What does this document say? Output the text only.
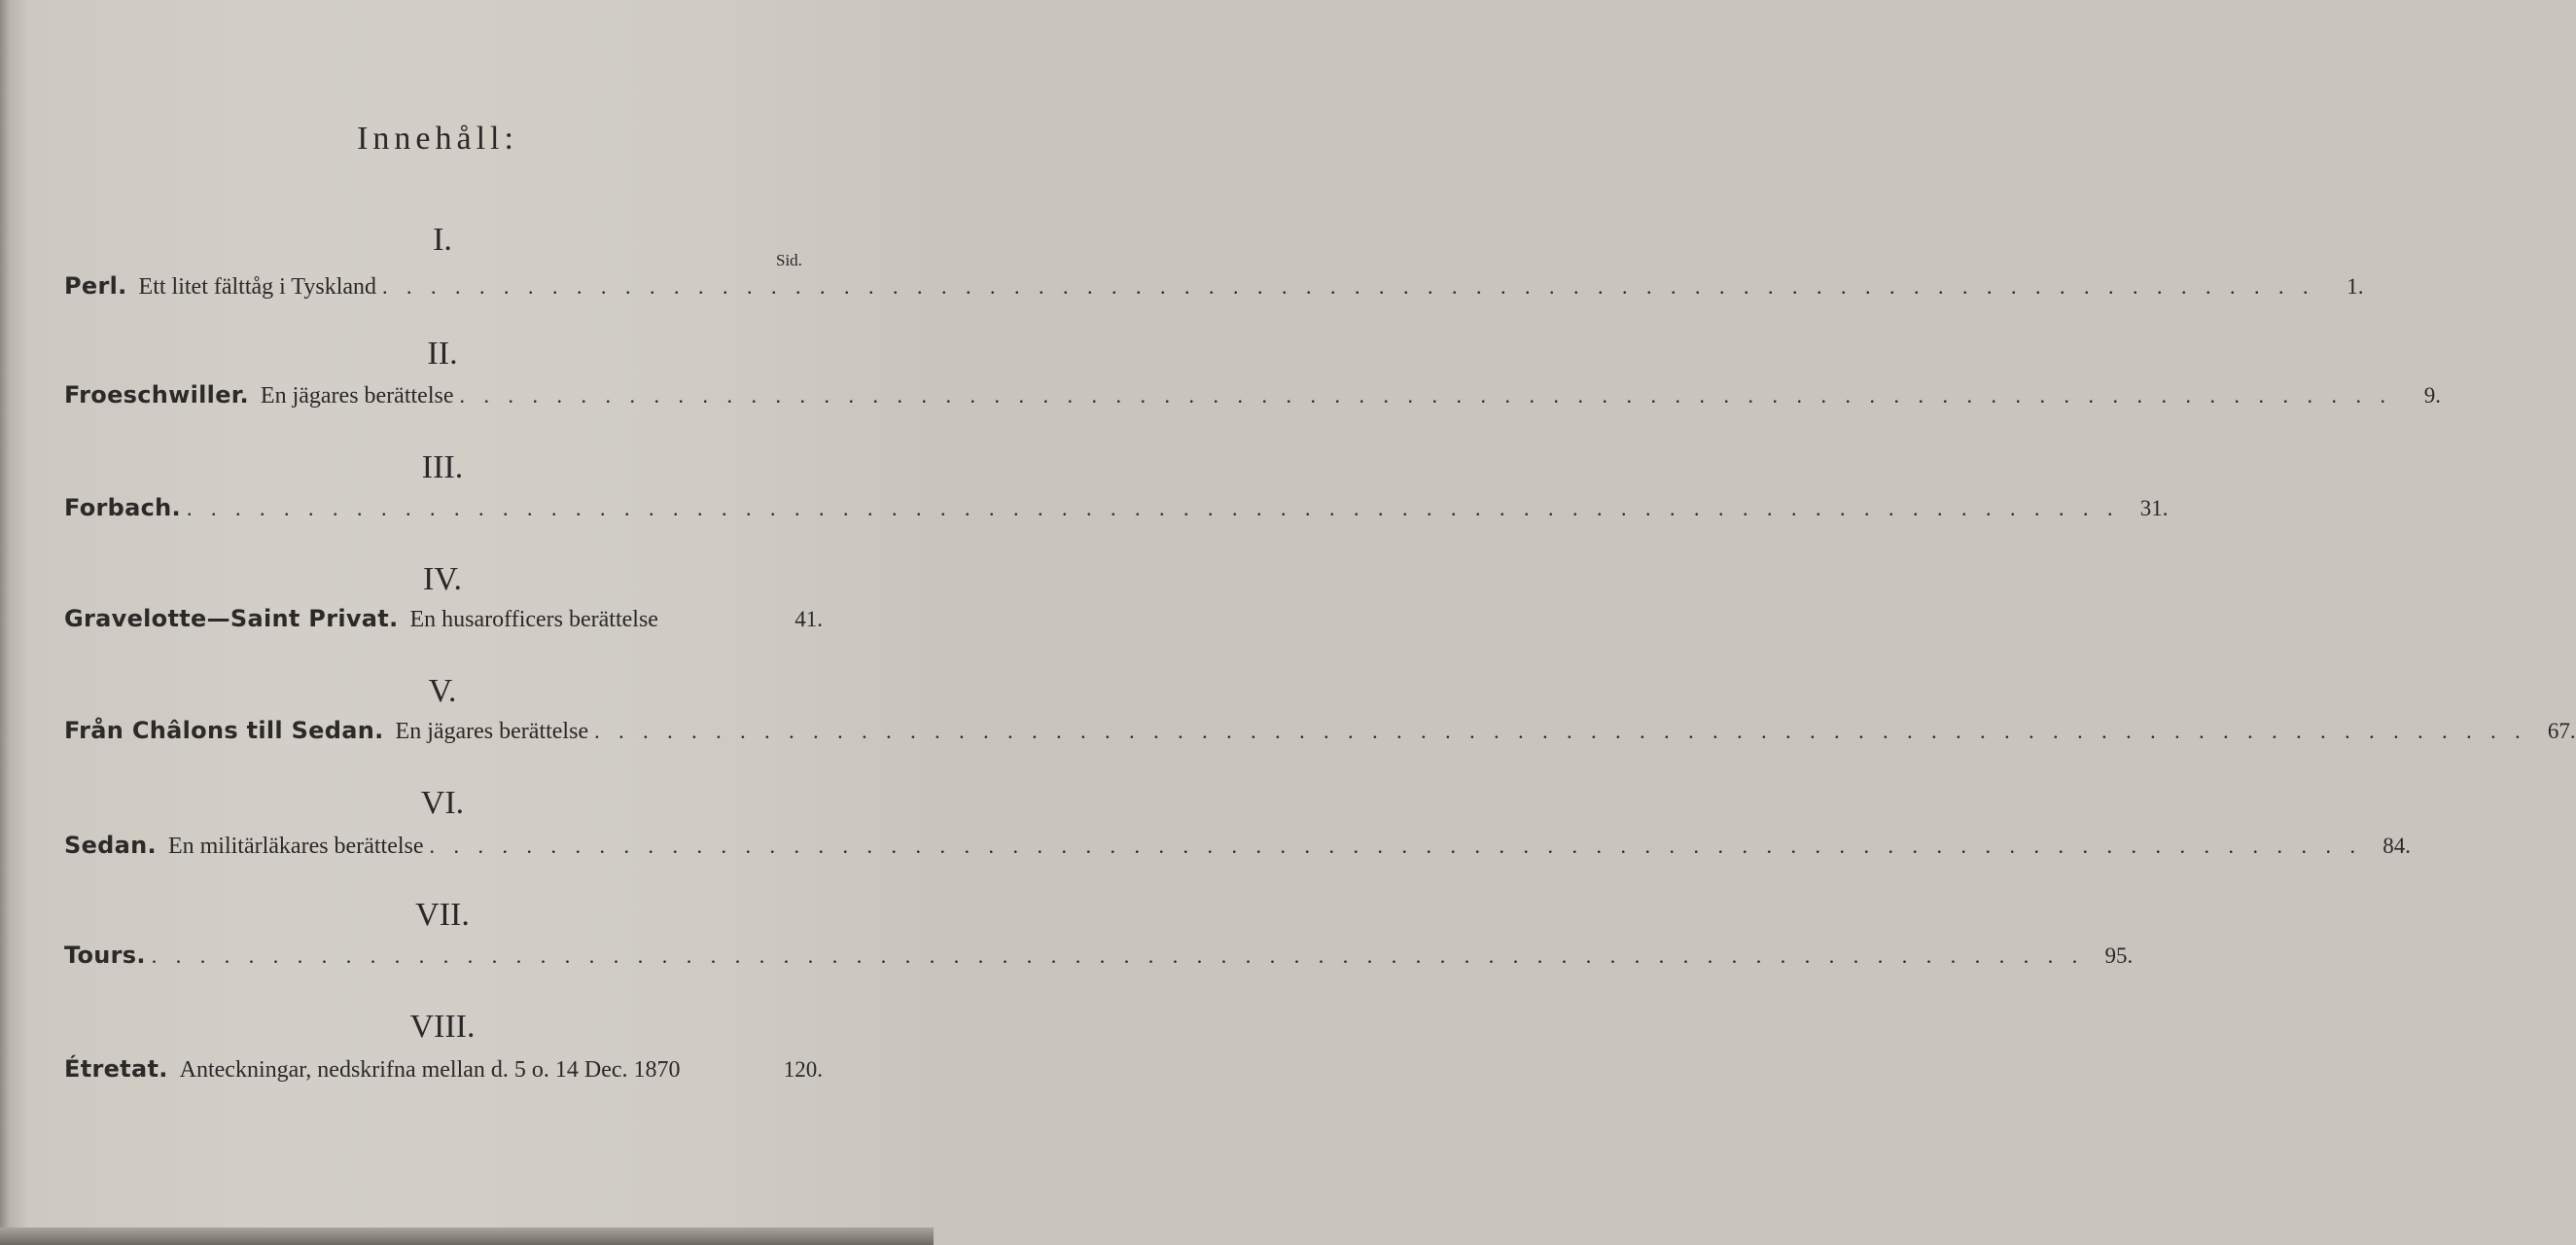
Innehåll:
Sid.
I.
Perl. Ett litet fälttåg i Tyskland . . . . . . . . . . . . . . . . . . . . . . . . . . . . . . . . . . . . . . . . . . . . . . . . . . . . . . . . . . . . . . . . . . . . . . . . . . . . . . . .	1.
II.
Froeschwiller. En jägares berättelse . . . . . . . . . . . . . . . . . . . . . . . . . . . . . . . . . . . . . . . . . . . . . . . . . . . . . . . . . . . . . . . . . . . . . . . . . . . . . . . .	9.
III.
Forbach. . . . . . . . . . . . . . . . . . . . . . . . . . . . . . . . . . . . . . . . . . . . . . . . . . . . . . . . . . . . . . . . . . . . . . . . . . . . . . . . . 31.
IV.
Gravelotte—Saint Privat. En husarofficers berättelse	41.
V.
Från Châlons till Sedan. En jägares berättelse . . . . . . . . . . . . . . . . . . . . . . . . . . . . . . . . . . . . . . . . . . . . . . . . . . . . . . . . . . . . . . . . . . . . . . . . . . . . . . . . 67.
VI.
Sedan. En militärläkares berättelse . . . . . . . . . . . . . . . . . . . . . . . . . . . . . . . . . . . . . . . . . . . . . . . . . . . . . . . . . . . . . . . . . . . . . . . . . . . . . . . . 84.
VII.
Tours. . . . . . . . . . . . . . . . . . . . . . . . . . . . . . . . . . . . . . . . . . . . . . . . . . . . . . . . . . . . . . . . . . . . . . . . . . . . . . . . . 95.
VIII.
Étretat. Anteckningar, nedskrifna mellan d. 5 o. 14 Dec. 1870	120.
